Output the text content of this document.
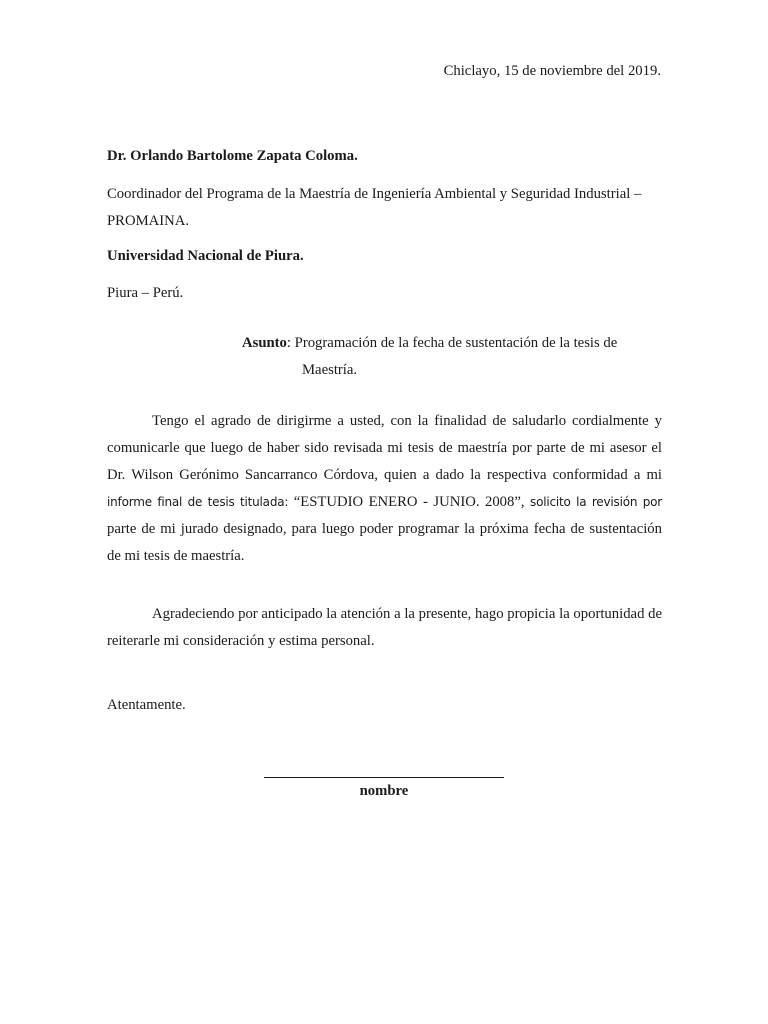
Chiclayo, 15 de noviembre del 2019.

Dr. Orlando Bartolome Zapata Coloma.

Coordinador del Programa de la Maestría de Ingeniería Ambiental y Seguridad Industrial –
PROMAINA.

Universidad Nacional de Piura.

Piura – Perú.

Asunto: Programación de la fecha de sustentación de la tesis de
Maestría.

Tengo el agrado de dirigirme a usted, con la finalidad de saludarlo cordialmente y comunicarle que luego de haber sido revisada mi tesis de maestría por parte de mi asesor el Dr. Wilson Gerónimo Sancarranco Córdova, quien a dado la respectiva conformidad a mi informe final de tesis titulada: “ESTUDIO ENERO - JUNIO. 2008”, solicito la revisión por parte de mi jurado designado, para luego poder programar la próxima fecha de sustentación de mi tesis de maestría.

Agradeciendo por anticipado la atención a la presente, hago propicia la oportunidad de reiterarle mi consideración y estima personal.

Atentamente.

nombre
